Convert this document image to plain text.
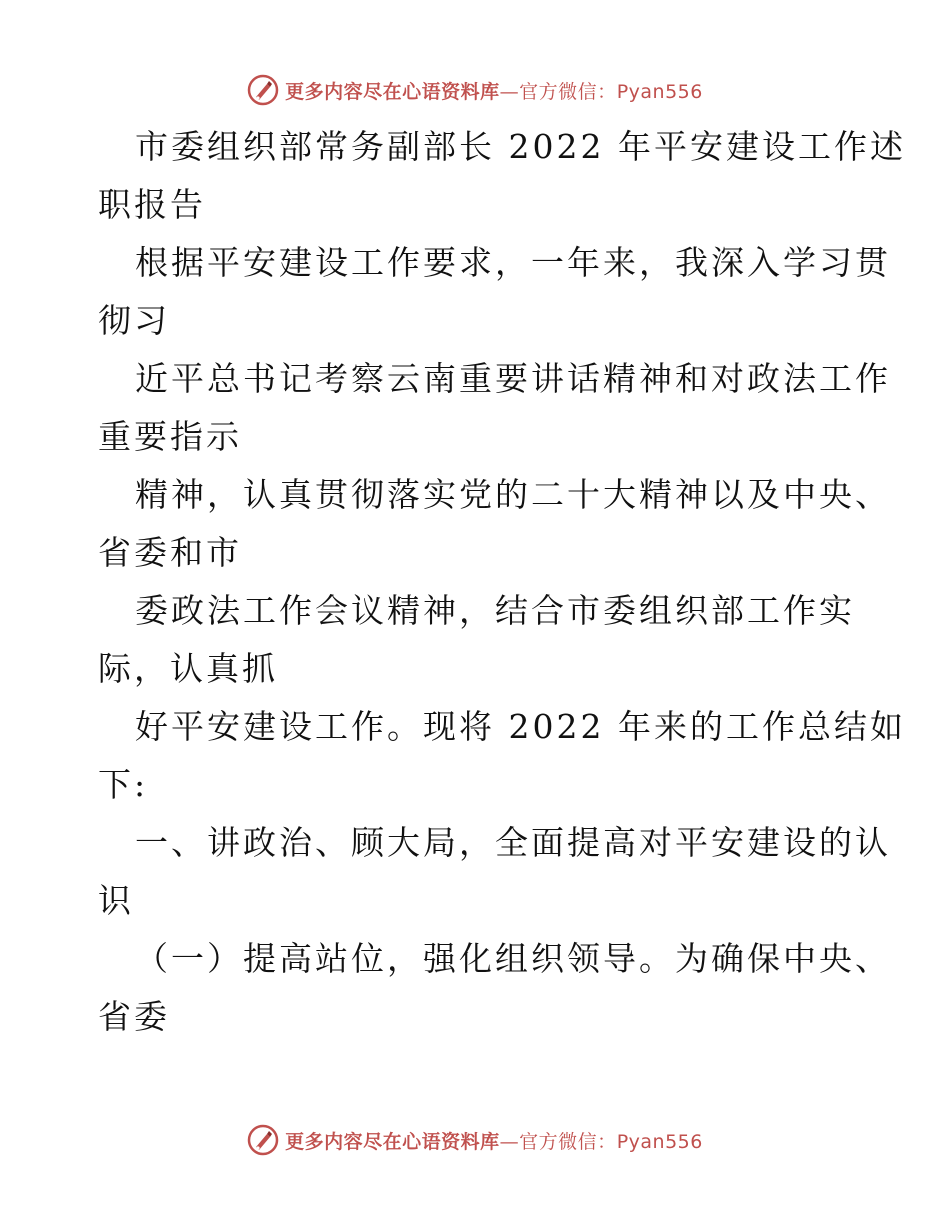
更多内容尽在心语资料库—官方微信：Pyan556
市委组织部常务副部长 2022 年平安建设工作述
职报告
根据平安建设工作要求，一年来，我深入学习贯
彻习
近平总书记考察云南重要讲话精神和对政法工作
重要指示
精神，认真贯彻落实党的二十大精神以及中央、
省委和市
委政法工作会议精神，结合市委组织部工作实
际，认真抓
好平安建设工作。现将 2022 年来的工作总结如
下:
一、讲政治、顾大局，全面提高对平安建设的认
识
（一）提高站位，强化组织领导。为确保中央、
省委
更多内容尽在心语资料库—官方微信：Pyan556
